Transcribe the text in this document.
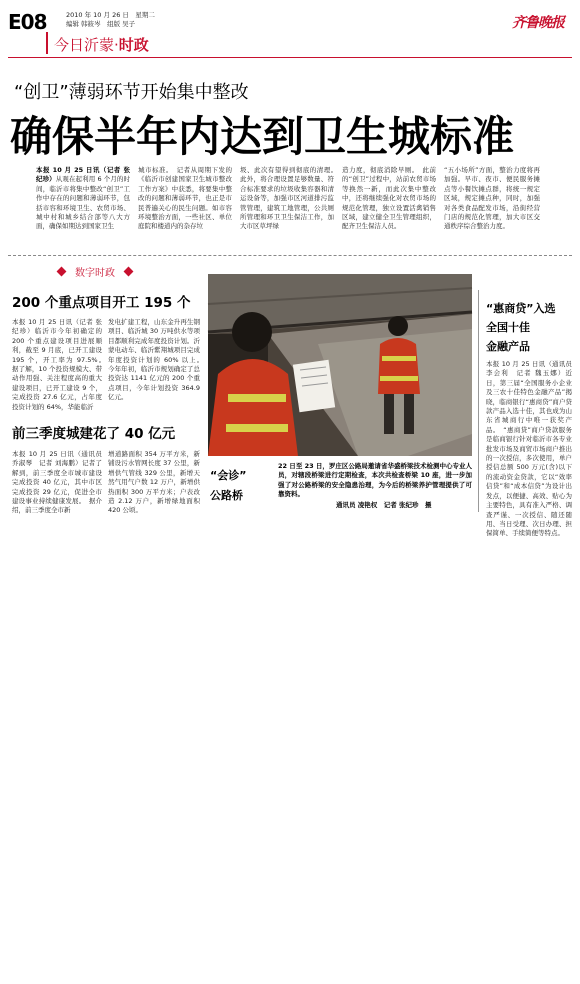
E08	2010 年 10 月 26 日　星期二
编辑 韩筱岑　组版 吴子
今日沂蒙·时政
齐鲁晚报
“创卫”薄弱环节开始集中整改
确保半年内达到卫生城标准
本报 10 月 25 日讯（记者 张纪珍）从观在起利用 6 个月的时间，临沂市将集中整改“创卫”工作中存在的问题和薄弱环节，包括市容和环境卫生、农贸市场、城中村和城乡结合部等八大方面，确保如期达到国家卫生
城市标准。　记者从周期下发的《临沂市创建国家卫生城市整改工作方案》中获悉，将要集中整改的问题和薄弱环节，也正是市民普遍关心的民生问题。如市容环境整治方面，一些社区、单位庭院和楼道内的杂存垃
圾、此次有望得到彻底的清理。　此外，将合理设置足够数量、符合标准要求的垃圾收集容器和清运设备等，加强市区河道排污监管管理，建筑工地管理，公共厕所管理和环卫卫生保洁工作，加大市区草坪绿
造力度，彻底消除早厕。　此前的“创卫”过程中，站前农贸市场等换然一新，而此次集中整改中，还将继续强化对农贸市场的规范化管理，独立设置活禽销售区域，建立健全卫生管理组织，配齐卫生保洁人员。
“五小场所”方面，整治力度将再加强。早市、夜市、便民服务摊点等小餐饮摊点群，将统一规定区域，规定摊点种，同时，加强对各类食品配发市场，沿街经营门店的规范化管理，加大市区交通秩序综合整治力度。
数字时政
200 个重点项目开工 195 个
本报 10 月 25 日讯（记者 张纪珍）临沂市今年初确定的 200 个重点建设项目进展顺利，截至 9 月底，已开工建设 195 个，开工率为 97.5%。　据了解，10 个投资规模大、带动作用强、关注程度高的重大建设项目，已开工建设 9 个，完成投资 27.6 亿元，占年度投资计划的 64%，华能临沂
发电扩建工程，山东金升再生钢项目、临沂城 30 万吨供水等项目都顺利完成年度投资计划。沂蒙电动车、临沂紫翔城项目完成年度投资计划的 60% 以上。　今年年初，临沂市规划确定了总投资达 1141 亿元的 200 个重点项目，今年计划投资 364.9 亿元。
前三季度城建花了 40 亿元
本报 10 月 25 日讯（通讯员 乔淑琴　记者 刘海鹏）记者了解到，前三季度全市城市建设完成投资 40 亿元，其中市区完成投资 29 亿元，促进全市建设事业持续健康发展。　据介绍，前三季度全市新
增道路面积 354 万平方米，新铺设污水管网长度 37 公里，新增供气管线 329 公里，新增天然气用气户数 12 万户，新增供热面积 300 万平方米；户表改造 2.12 万户，新增绿地面积 420 公顷。
“会诊”
公路桥
22 日至 23 日，罗庄区公路局邀请省华盛桥梁技术检测中心专业人员，对辖段桥梁进行定期检查，本次共检查桥梁 10 座，进一步加强了对公路桥梁的安全隐患治理，为今后的桥梁养护管理提供了可靠资料。
通讯员 凌艳权　记者 张纪珍　摄
“惠商贷”入选
全国十佳
金融产品
本报 10 月 25 日讯（通讯员 李会利　记者 魏玉娜）近日，第三届“全国服务小企业及三农十佳特色金融产品”揭晓，临商银行“惠商贷”商户贷款产品入选十佳，其也成为山东省城商行中唯一获奖产品。　“惠商贷”商户贷款服务是临商银行针对临沂市各专业批发市场及商贸市场商户推出的一次授信，多次使用，单户授信总额 500 万元(含)以下的流动资金贷款，它以“效率信贷”和“成本信贷”为设计出发点，以便捷、高效、贴心为主要特色，具有准入严格、调查严谨、一次授信、随还随用、当日受理、次日办理、担保简单、手续简便等特点。
